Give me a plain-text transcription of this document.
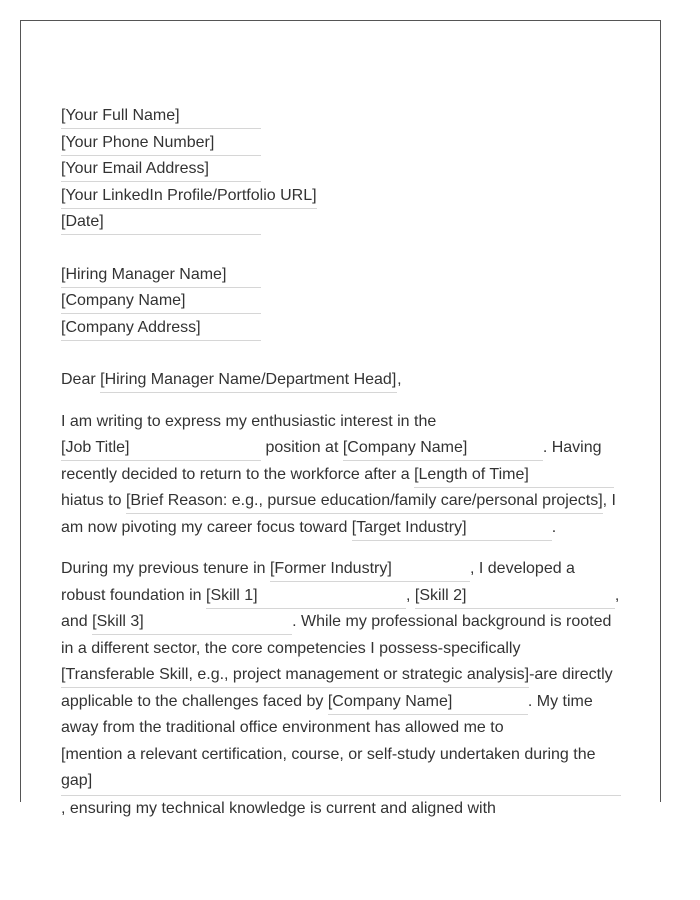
[Your Full Name]
[Your Phone Number]
[Your Email Address]
[Your LinkedIn Profile/Portfolio URL]
[Date]
[Hiring Manager Name]
[Company Name]
[Company Address]
Dear [Hiring Manager Name/Department Head],
I am writing to express my enthusiastic interest in the
[Job Title]	position at [Company Name]	. Having
recently decided to return to the workforce after a [Length of Time]
hiatus to [Brief Reason: e.g., pursue education/family care/personal projects], I
am now pivoting my career focus toward [Target Industry]	.
During my previous tenure in [Former Industry]	, I developed a
robust foundation in [Skill 1]	, [Skill 2]	,
and [Skill 3]	. While my professional background is rooted
in a different sector, the core competencies I possess-specifically
[Transferable Skill, e.g., project management or strategic analysis]-are directly
applicable to the challenges faced by [Company Name]	. My time
away from the traditional office environment has allowed me to
[mention a relevant certification, course, or self-study undertaken during the
gap]
, ensuring my technical knowledge is current and aligned with
